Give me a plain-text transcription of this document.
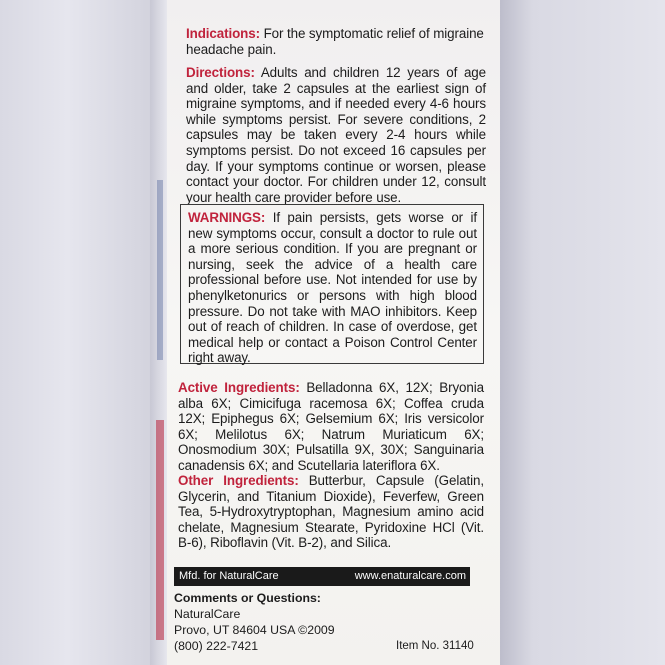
Indications: For the symptomatic relief of migraine headache pain.
Directions: Adults and children 12 years of age and older, take 2 capsules at the earliest sign of migraine symptoms, and if needed every 4-6 hours while symptoms persist. For severe conditions, 2 capsules may be taken every 2-4 hours while symptoms persist. Do not exceed 16 capsules per day. If your symptoms continue or worsen, please contact your doctor. For children under 12, consult your health care provider before use.
WARNINGS: If pain persists, gets worse or if new symptoms occur, consult a doctor to rule out a more serious condition. If you are pregnant or nursing, seek the advice of a health care professional before use. Not intended for use by phenylketonurics or persons with high blood pressure. Do not take with MAO inhibitors. Keep out of reach of children. In case of overdose, get medical help or contact a Poison Control Center right away.
Active Ingredients: Belladonna 6X, 12X; Bryonia alba 6X; Cimicifuga racemosa 6X; Coffea cruda 12X; Epiphegus 6X; Gelsemium 6X; Iris versicolor 6X; Melilotus 6X; Natrum Muriaticum 6X; Onosmodium 30X; Pulsatilla 9X, 30X; Sanguinaria canadensis 6X; and Scutellaria lateriflora 6X.
Other Ingredients: Butterbur, Capsule (Gelatin, Glycerin, and Titanium Dioxide), Feverfew, Green Tea, 5-Hydroxytryptophan, Magnesium amino acid chelate, Magnesium Stearate, Pyridoxine HCl (Vit. B-6), Riboflavin (Vit. B-2), and Silica.
Mfd. for NaturalCare	www.enaturalcare.com
Comments or Questions:
NaturalCare
Provo, UT 84604 USA ©2009
(800) 222-7421	Item No. 31140
